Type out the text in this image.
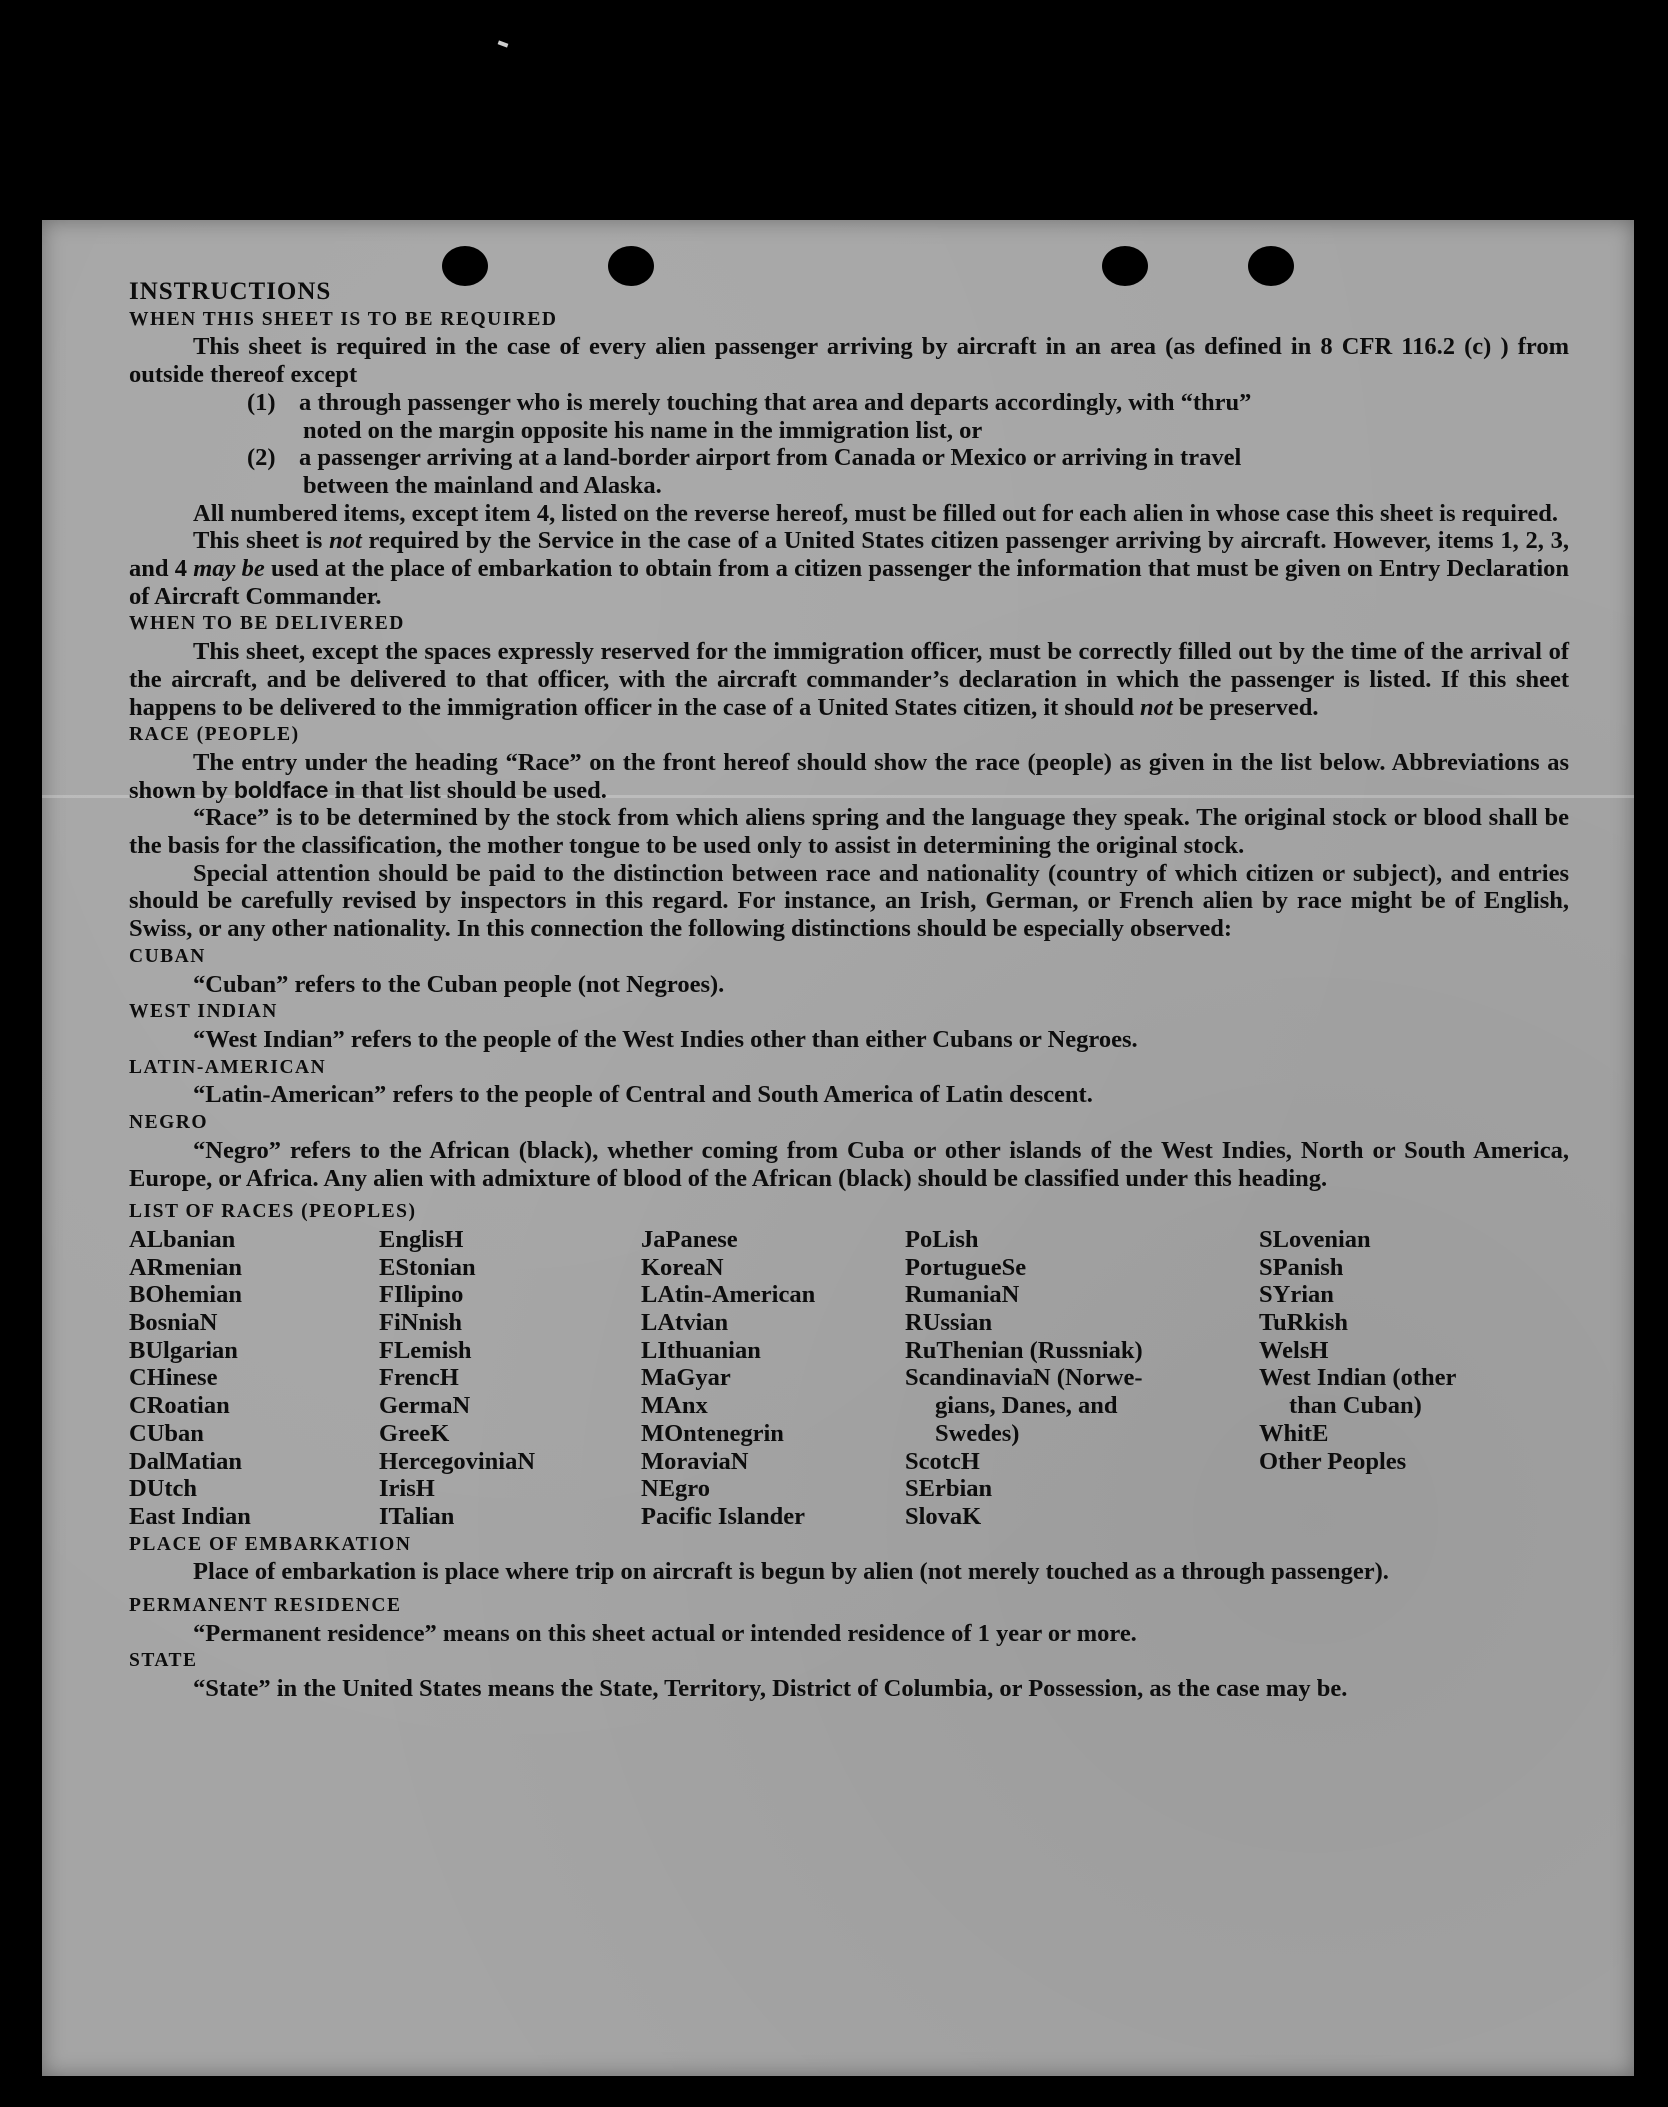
INSTRUCTIONS

WHEN THIS SHEET IS TO BE REQUIRED

This sheet is required in the case of every alien passenger arriving by aircraft in an area (as defined in 8 CFR 116.2 (c) ) from outside thereof except

(1) a through passenger who is merely touching that area and departs accordingly, with “thru”
noted on the margin opposite his name in the immigration list, or
(2) a passenger arriving at a land-border airport from Canada or Mexico or arriving in travel
between the mainland and Alaska.

All numbered items, except item 4, listed on the reverse hereof, must be filled out for each alien in whose case this sheet is required.

This sheet is not required by the Service in the case of a United States citizen passenger arriving by aircraft. However, items 1, 2, 3, and 4 may be used at the place of embarkation to obtain from a citizen passenger the information that must be given on Entry Declaration of Aircraft Commander.

WHEN TO BE DELIVERED

This sheet, except the spaces expressly reserved for the immigration officer, must be correctly filled out by the time of the arrival of the aircraft, and be delivered to that officer, with the aircraft commander’s declaration in which the passenger is listed. If this sheet happens to be delivered to the immigration officer in the case of a United States citizen, it should not be preserved.

RACE (PEOPLE)

The entry under the heading “Race” on the front hereof should show the race (people) as given in the list below. Abbreviations as shown by boldface in that list should be used.

“Race” is to be determined by the stock from which aliens spring and the language they speak. The original stock or blood shall be the basis for the classification, the mother tongue to be used only to assist in determining the original stock.

Special attention should be paid to the distinction between race and nationality (country of which citizen or subject), and entries should be carefully revised by inspectors in this regard. For instance, an Irish, German, or French alien by race might be of English, Swiss, or any other nationality. In this connection the following distinctions should be especially observed:

CUBAN

“Cuban” refers to the Cuban people (not Negroes).

WEST INDIAN

“West Indian” refers to the people of the West Indies other than either Cubans or Negroes.

LATIN-AMERICAN

“Latin-American” refers to the people of Central and South America of Latin descent.

NEGRO

“Negro” refers to the African (black), whether coming from Cuba or other islands of the West Indies, North or South America, Europe, or Africa. Any alien with admixture of blood of the African (black) should be classified under this heading.

LIST OF RACES (PEOPLES)

ALbanian
ARmenian
BOhemian
BosniaN
BUlgarian
CHinese
CRoatian
CUban
DalMatian
DUtch
East Indian
EnglisH
EStonian
FIlipino
FiNnish
FLemish
FrencH
GermaN
GreeK
HercegoviniaN
IrisH
ITalian
JaPanese
KoreaN
LAtin-American
LAtvian
LIthuanian
MaGyar
MAnx
MOntenegrin
MoraviaN
NEgro
Pacific Islander
PoLish
PortugueSe
RumaniaN
RUssian
RuThenian (Russniak)
ScandinaviaN (Norwe-
gians, Danes, and
Swedes)
ScotcH
SErbian
SlovaK
SLovenian
SPanish
SYrian
TuRkish
WelsH
West Indian (other
than Cuban)
WhitE
Other Peoples

PLACE OF EMBARKATION

Place of embarkation is place where trip on aircraft is begun by alien (not merely touched as a through passenger).

PERMANENT RESIDENCE

“Permanent residence” means on this sheet actual or intended residence of 1 year or more.

STATE

“State” in the United States means the State, Territory, District of Columbia, or Possession, as the case may be.
